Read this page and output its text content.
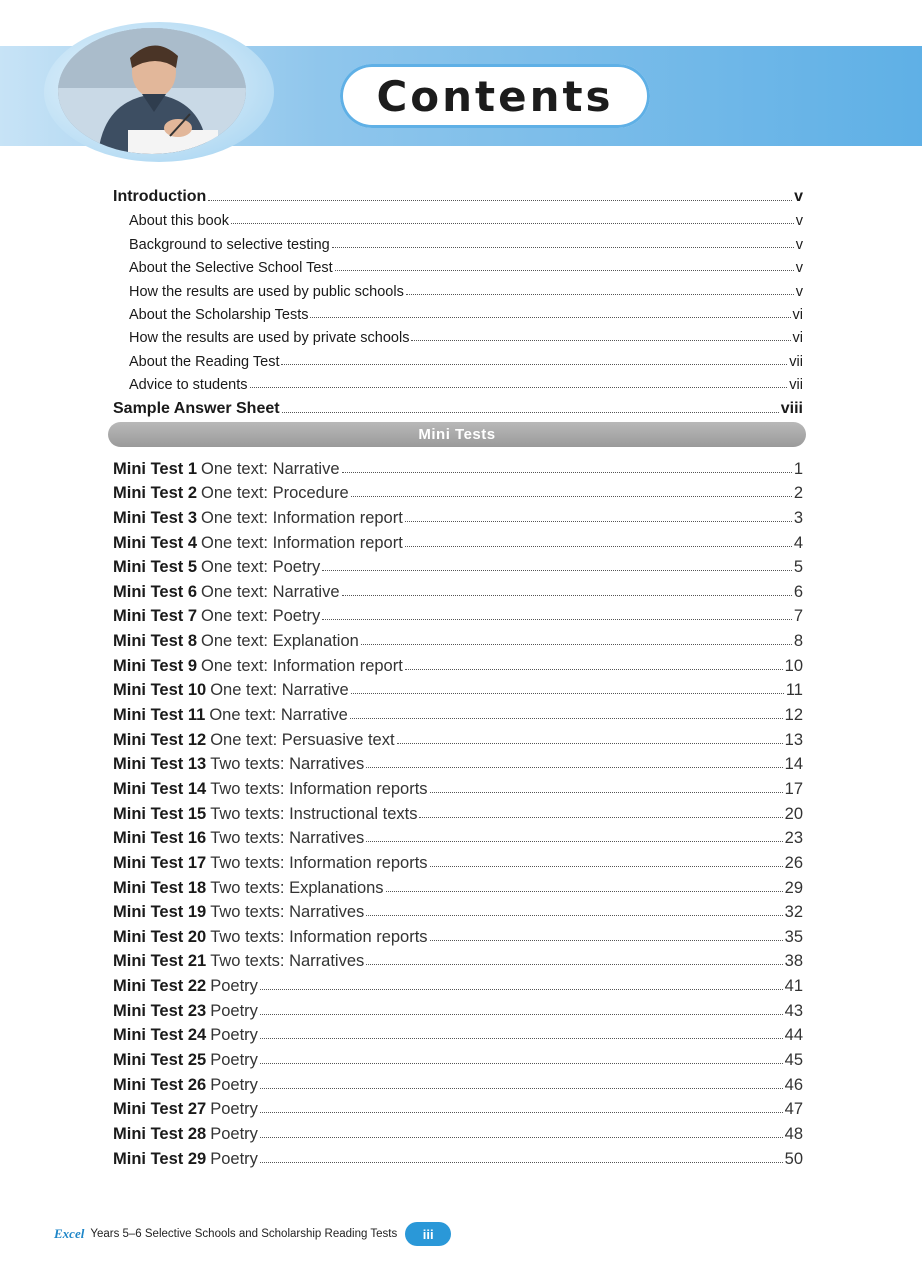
Contents
Introduction	v
About this book	v
Background to selective testing	v
About the Selective School Test	v
How the results are used by public schools	v
About the Scholarship Tests	vi
How the results are used by private schools	vi
About the Reading Test	vii
Advice to students	vii
Sample Answer Sheet	viii
Mini Tests
Mini Test 1 One text: Narrative	1
Mini Test 2 One text: Procedure	2
Mini Test 3 One text: Information report	3
Mini Test 4 One text: Information report	4
Mini Test 5 One text: Poetry	5
Mini Test 6 One text: Narrative	6
Mini Test 7 One text: Poetry	7
Mini Test 8 One text: Explanation	8
Mini Test 9 One text: Information report	10
Mini Test 10 One text: Narrative	11
Mini Test 11 One text: Narrative	12
Mini Test 12 One text: Persuasive text	13
Mini Test 13 Two texts: Narratives	14
Mini Test 14 Two texts: Information reports	17
Mini Test 15 Two texts: Instructional texts	20
Mini Test 16 Two texts: Narratives	23
Mini Test 17 Two texts: Information reports	26
Mini Test 18 Two texts: Explanations	29
Mini Test 19 Two texts: Narratives	32
Mini Test 20 Two texts: Information reports	35
Mini Test 21 Two texts: Narratives	38
Mini Test 22 Poetry	41
Mini Test 23 Poetry	43
Mini Test 24 Poetry	44
Mini Test 25 Poetry	45
Mini Test 26 Poetry	46
Mini Test 27 Poetry	47
Mini Test 28 Poetry	48
Mini Test 29 Poetry	50
Excel Years 5–6 Selective Schools and Scholarship Reading Tests	iii
